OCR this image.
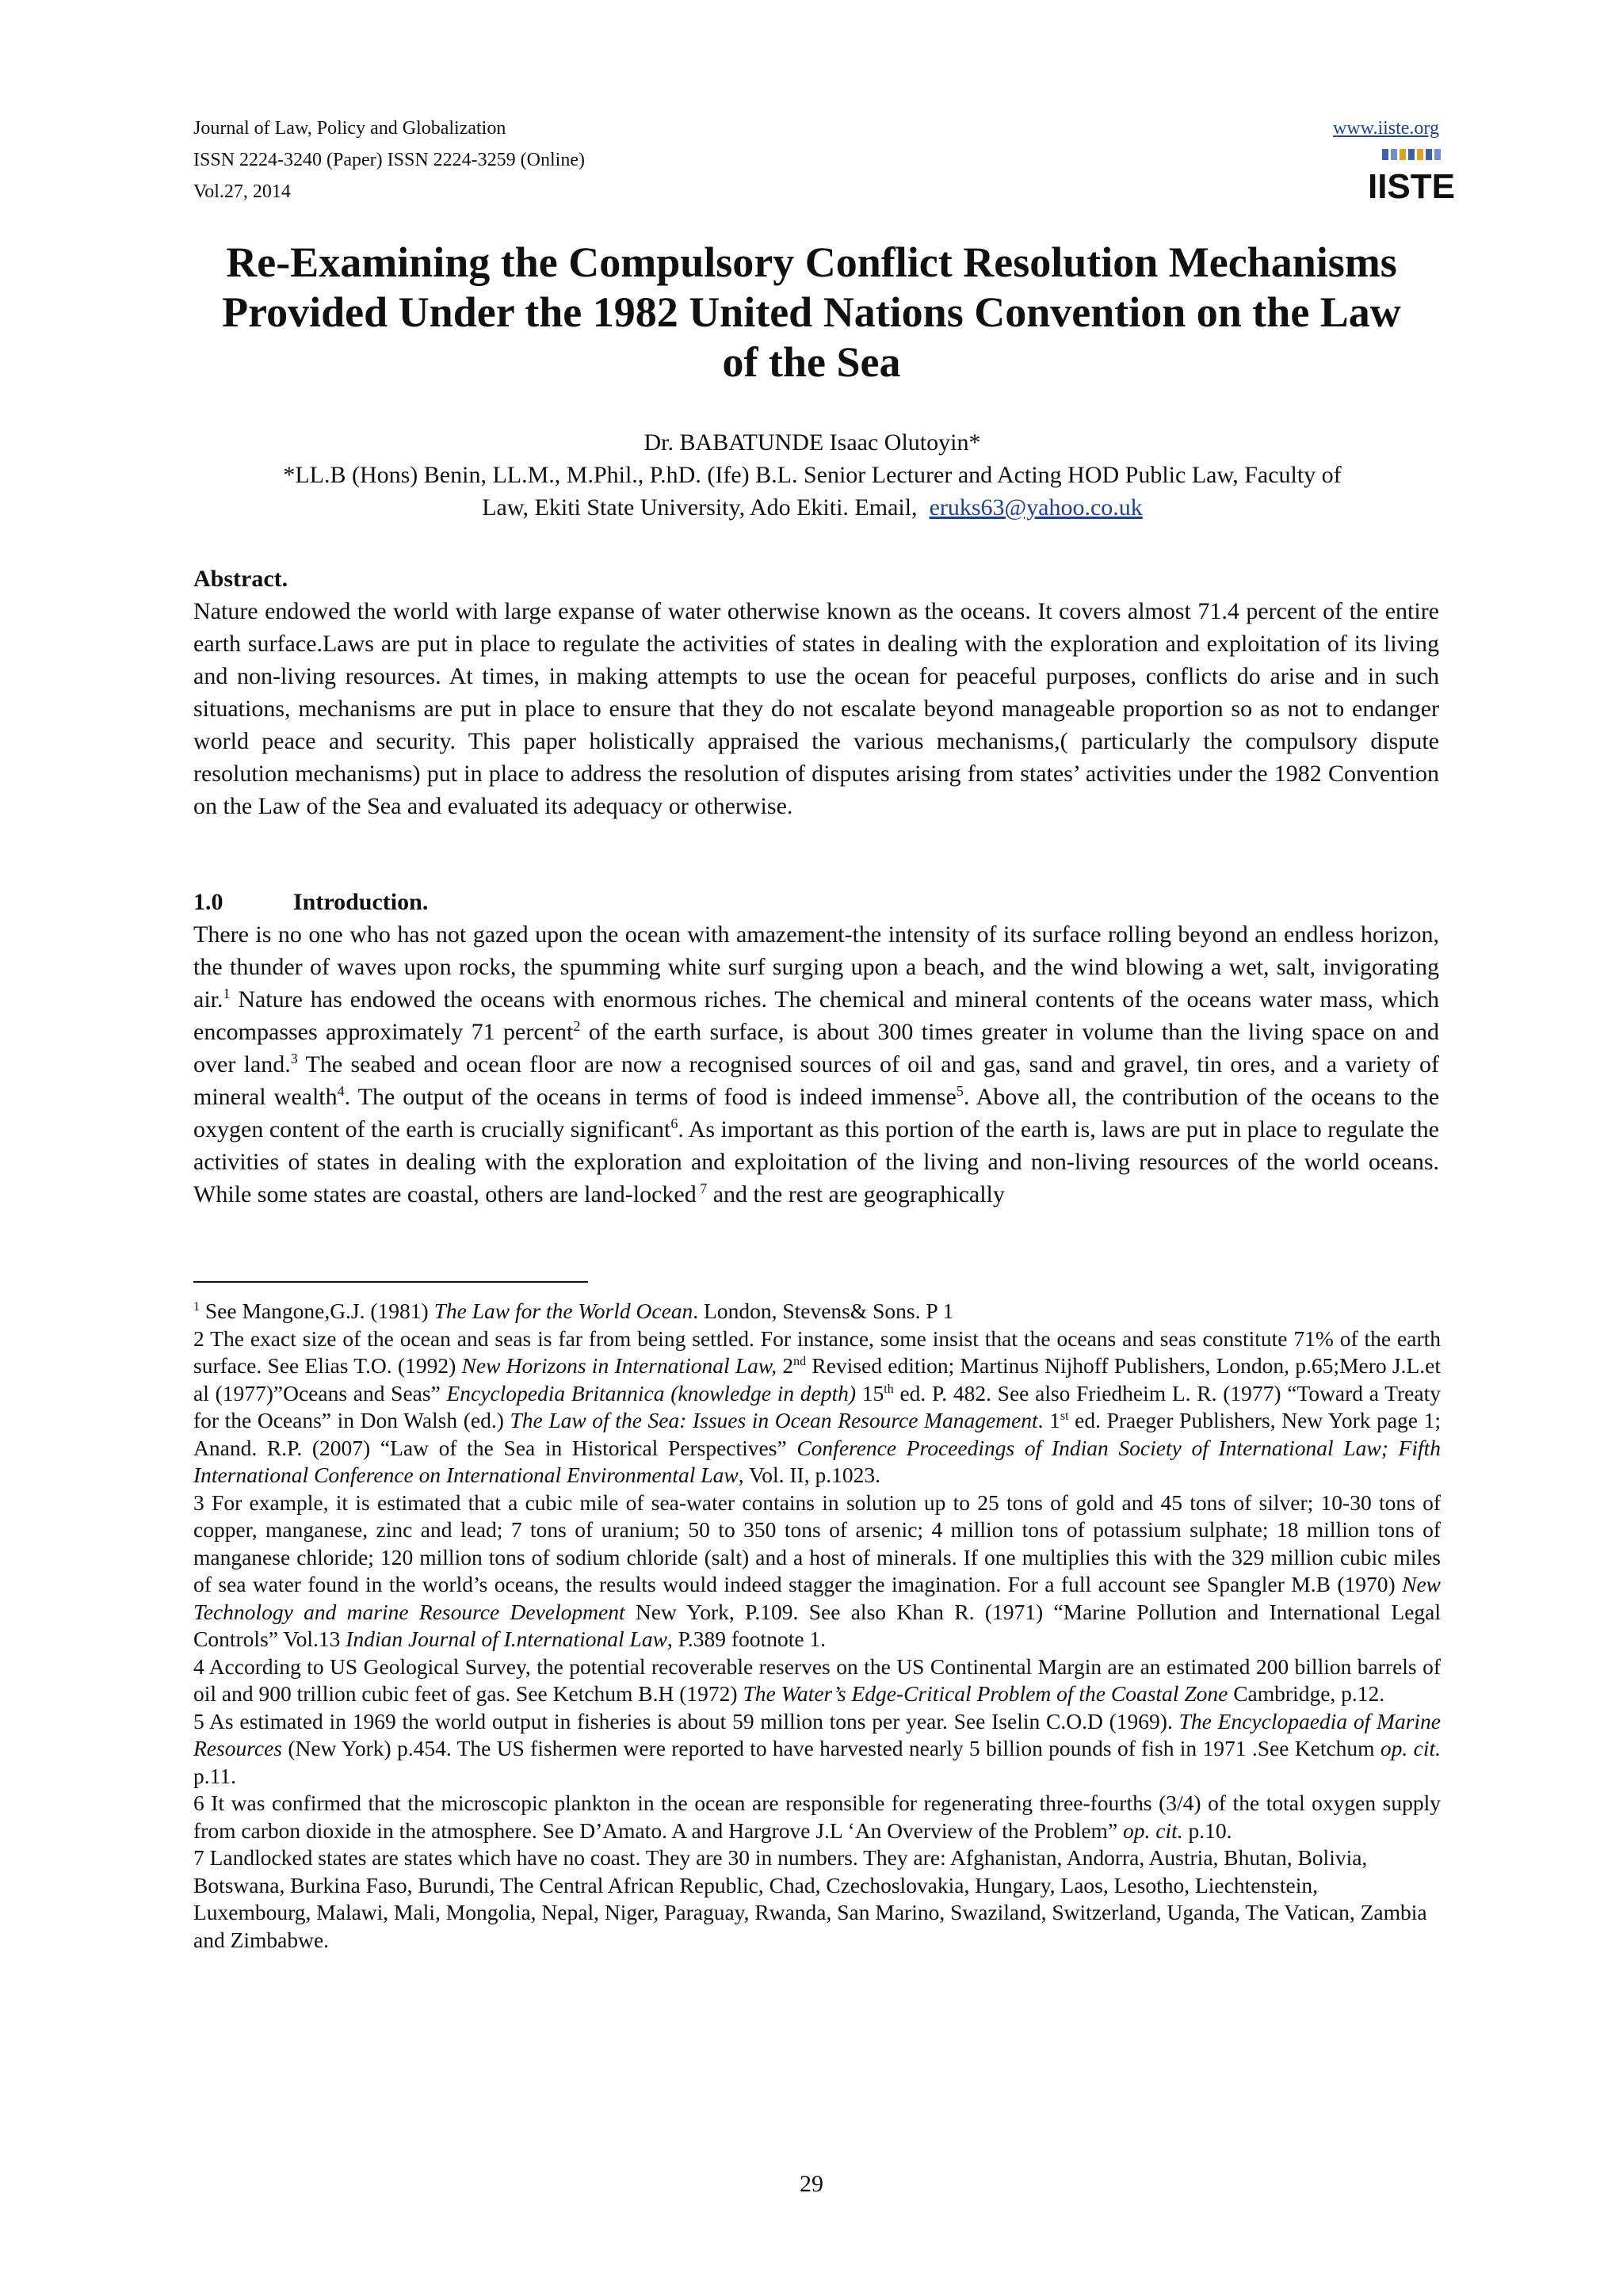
Journal of Law, Policy and Globalization
ISSN 2224-3240 (Paper) ISSN 2224-3259 (Online)
Vol.27, 2014
www.iiste.org
IISTE
Re-Examining the Compulsory Conflict Resolution Mechanisms
Provided Under the 1982 United Nations Convention on the Law
of the Sea
Dr. BABATUNDE Isaac Olutoyin*
*LL.B (Hons) Benin, LL.M., M.Phil., P.hD. (Ife) B.L. Senior Lecturer and Acting HOD Public Law, Faculty of
Law, Ekiti State University, Ado Ekiti. Email, eruks63@yahoo.co.uk
Abstract.
Nature endowed the world with large expanse of water otherwise known as the oceans. It covers almost 71.4 percent of the entire earth surface.Laws are put in place to regulate the activities of states in dealing with the exploration and exploitation of its living and non-living resources. At times, in making attempts to use the ocean for peaceful purposes, conflicts do arise and in such situations, mechanisms are put in place to ensure that they do not escalate beyond manageable proportion so as not to endanger world peace and security. This paper holistically appraised the various mechanisms,( particularly the compulsory dispute resolution mechanisms) put in place to address the resolution of disputes arising from states’ activities under the 1982 Convention on the Law of the Sea and evaluated its adequacy or otherwise.
1.0	Introduction.
There is no one who has not gazed upon the ocean with amazement-the intensity of its surface rolling beyond an endless horizon, the thunder of waves upon rocks, the spumming white surf surging upon a beach, and the wind blowing a wet, salt, invigorating air.$^1$ Nature has endowed the oceans with enormous riches. The chemical and mineral contents of the oceans water mass, which encompasses approximately 71 percent$^2$ of the earth surface, is about 300 times greater in volume than the living space on and over land.$^3$ The seabed and ocean floor are now a recognised sources of oil and gas, sand and gravel, tin ores, and a variety of mineral wealth$^4$. The output of the oceans in terms of food is indeed immense$^5$. Above all, the contribution of the oceans to the oxygen content of the earth is crucially significant$^6$. As important as this portion of the earth is, laws are put in place to regulate the activities of states in dealing with the exploration and exploitation of the living and non-living resources of the world oceans. While some states are coastal, others are land-locked $^7$ and the rest are geographically

$^1$ See Mangone,G.J. (1981) The Law for the World Ocean. London, Stevens& Sons. P 1

2 The exact size of the ocean and seas is far from being settled. For instance, some insist that the oceans and seas constitute 71% of the earth surface. See Elias T.O. (1992) New Horizons in International Law, 2nd Revised edition; Martinus Nijhoff Publishers, London, p.65;Mero J.L.et al (1977)”Oceans and Seas” Encyclopedia Britannica (knowledge in depth) 15th ed. P. 482. See also Friedheim L. R. (1977) “Toward a Treaty for the Oceans” in Don Walsh (ed.) The Law of the Sea: Issues in Ocean Resource Management. 1st ed. Praeger Publishers, New York page 1; Anand. R.P. (2007) “Law of the Sea in Historical Perspectives” Conference Proceedings of Indian Society of International Law; Fifth International Conference on International Environmental Law, Vol. II, p.1023.

3 For example, it is estimated that a cubic mile of sea-water contains in solution up to 25 tons of gold and 45 tons of silver; 10-30 tons of copper, manganese, zinc and lead; 7 tons of uranium; 50 to 350 tons of arsenic; 4 million tons of potassium sulphate; 18 million tons of manganese chloride; 120 million tons of sodium chloride (salt) and a host of minerals. If one multiplies this with the 329 million cubic miles of sea water found in the world’s oceans, the results would indeed stagger the imagination. For a full account see Spangler M.B (1970) New Technology and marine Resource Development New York, P.109. See also Khan R. (1971) “Marine Pollution and International Legal Controls” Vol.13 Indian Journal of I.nternational Law, P.389 footnote 1.

4 According to US Geological Survey, the potential recoverable reserves on the US Continental Margin are an estimated 200 billion barrels of oil and 900 trillion cubic feet of gas. See Ketchum B.H (1972) The Water’s Edge-Critical Problem of the Coastal Zone Cambridge, p.12.

5 As estimated in 1969 the world output in fisheries is about 59 million tons per year. See Iselin C.O.D (1969). The Encyclopaedia of Marine Resources (New York) p.454. The US fishermen were reported to have harvested nearly 5 billion pounds of fish in 1971 .See Ketchum op. cit. p.11.

6 It was confirmed that the microscopic plankton in the ocean are responsible for regenerating three-fourths (3/4) of the total oxygen supply from carbon dioxide in the atmosphere. See D’Amato. A and Hargrove J.L ‘An Overview of the Problem” op. cit. p.10.

7 Landlocked states are states which have no coast. They are 30 in numbers. They are: Afghanistan, Andorra, Austria, Bhutan, Bolivia, Botswana, Burkina Faso, Burundi, The Central African Republic, Chad, Czechoslovakia, Hungary, Laos, Lesotho, Liechtenstein, Luxembourg, Malawi, Mali, Mongolia, Nepal, Niger, Paraguay, Rwanda, San Marino, Swaziland, Switzerland, Uganda, The Vatican, Zambia and Zimbabwe.

29
